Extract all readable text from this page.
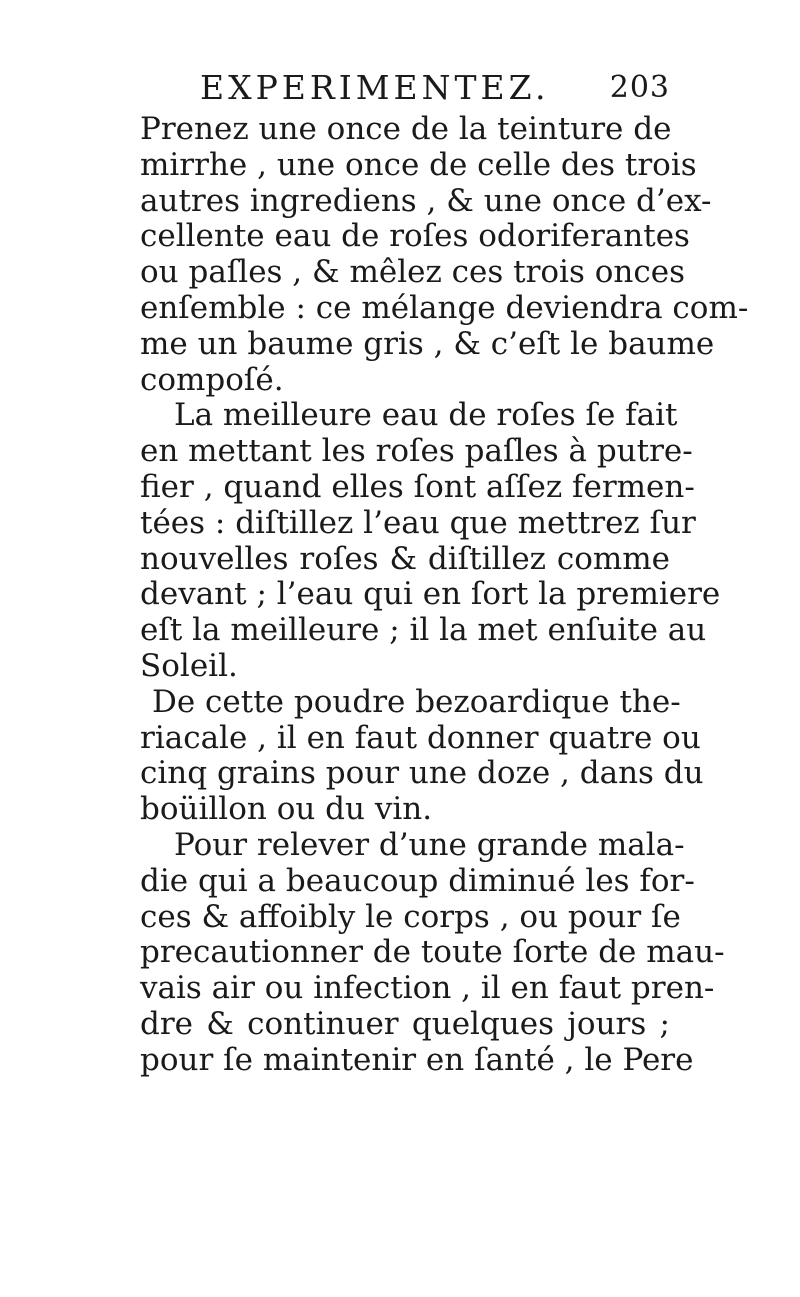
EXPERIMENTEZ. 203
Prenez une once de la teinture de
mirrhe , une once de celle des trois
autres ingrediens , & une once d’ex-
cellente eau de roſes odoriferantes
ou paſles , & mêlez ces trois onces
enſemble : ce mélange deviendra com-
me un baume gris , & c’eſt le baume
compoſé.
La meilleure eau de roſes ſe fait
en mettant les roſes paſles à putre-
fier , quand elles ſont aſſez fermen-
tées : diſtillez l’eau que mettrez ſur
nouvelles roſes & diſtillez comme
devant ; l’eau qui en ſort la premiere
eſt la meilleure ; il la met enſuite au
Soleil.
De cette poudre bezoardique the-
riacale , il en faut donner quatre ou
cinq grains pour une doze , dans du
boüillon ou du vin.
Pour relever d’une grande mala-
die qui a beaucoup diminué les for-
ces & affoibly le corps , ou pour ſe
precautionner de toute ſorte de mau-
vais air ou infection , il en faut pren-
dre & continuer quelques jours ;
pour ſe maintenir en ſanté , le Pere
